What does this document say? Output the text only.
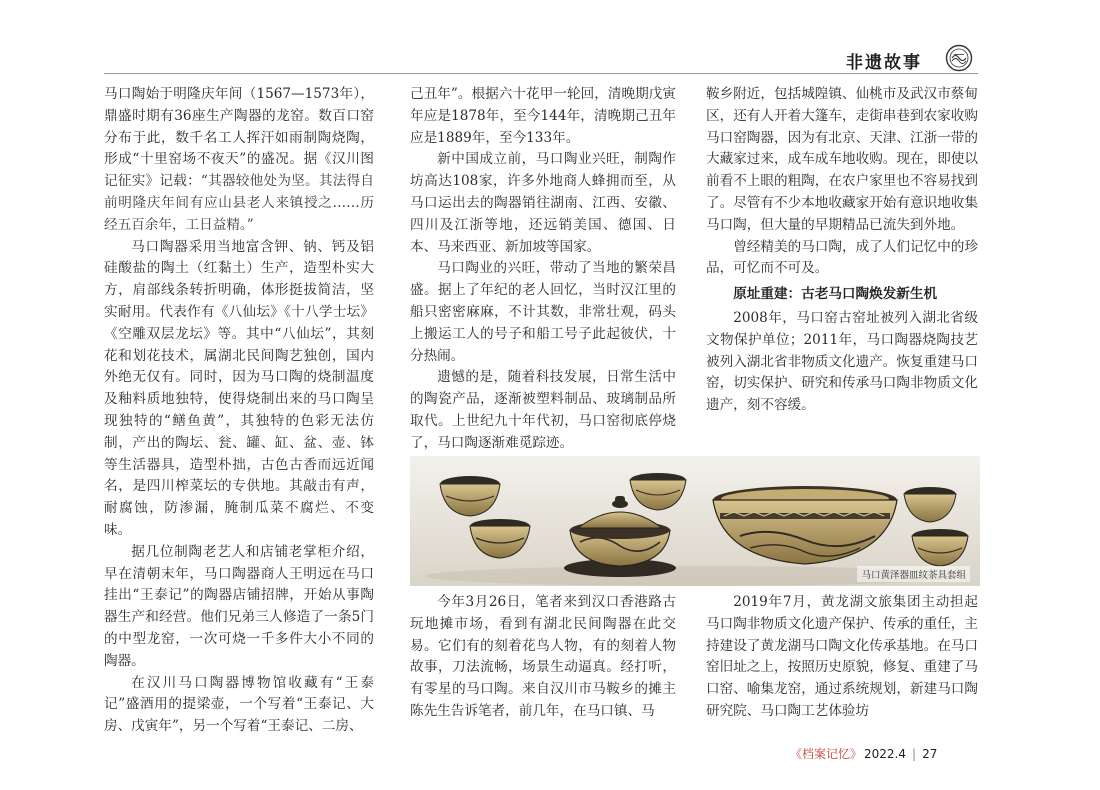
非遗故事

马口陶始于明隆庆年间（1567—1573年），鼎盛时期有36座生产陶器的龙窑。数百口窑分布于此，数千名工人挥汗如雨制陶烧陶，形成“十里窑场不夜天”的盛况。据《汉川图记征实》记载：“其器较他处为坚。其法得自前明隆庆年间有应山县老人来镇授之……历经五百余年，工日益精。”

马口陶器采用当地富含钾、钠、钙及铝硅酸盐的陶土（红黏土）生产，造型朴实大方，肩部线条转折明确，体形挺拔简洁，坚实耐用。代表作有《八仙坛》《十八学士坛》《空雕双层龙坛》等。其中“八仙坛”，其刻花和划花技术，属湖北民间陶艺独创，国内外绝无仅有。同时，因为马口陶的烧制温度及釉料质地独特，使得烧制出来的马口陶呈现独特的“鳝鱼黄”，其独特的色彩无法仿制，产出的陶坛、瓮、罐、缸、盆、壶、钵等生活器具，造型朴拙，古色古香而远近闻名，是四川榨菜坛的专供地。其敲击有声，耐腐蚀，防渗漏，腌制瓜菜不腐烂、不变味。

据几位制陶老艺人和店铺老掌柜介绍，早在清朝末年，马口陶器商人王明远在马口挂出“王泰记”的陶器店铺招牌，开始从事陶器生产和经营。他们兄弟三人修造了一条5门的中型龙窑，一次可烧一千多件大小不同的陶器。

在汉川马口陶器博物馆收藏有“王泰记”盛酒用的提梁壶，一个写着“王泰记、大房、戊寅年”，另一个写着“王泰记、二房、

己丑年”。根据六十花甲一轮回，清晚期戊寅年应是1878年，至今144年，清晚期己丑年应是1889年，至今133年。

新中国成立前，马口陶业兴旺，制陶作坊高达108家，许多外地商人蜂拥而至，从马口运出去的陶器销往湖南、江西、安徽、四川及江浙等地，还远销美国、德国、日本、马来西亚、新加坡等国家。

马口陶业的兴旺，带动了当地的繁荣昌盛。据上了年纪的老人回忆，当时汉江里的船只密密麻麻，不计其数，非常壮观，码头上搬运工人的号子和船工号子此起彼伏，十分热闹。

遗憾的是，随着科技发展，日常生活中的陶瓷产品，逐渐被塑料制品、玻璃制品所取代。上世纪九十年代初，马口窑彻底停烧了，马口陶逐渐难觅踪迹。

鞍乡附近，包括城隍镇、仙桃市及武汉市蔡甸区，还有人开着大篷车，走街串巷到农家收购马口窑陶器，因为有北京、天津、江浙一带的大藏家过来，成车成车地收购。现在，即使以前看不上眼的粗陶，在农户家里也不容易找到了。尽管有不少本地收藏家开始有意识地收集马口陶，但大量的早期精品已流失到外地。

曾经精美的马口陶，成了人们记忆中的珍品，可忆而不可及。

原址重建：古老马口陶焕发新生机

2008年，马口窑古窑址被列入湖北省级文物保护单位；2011年，马口陶器烧陶技艺被列入湖北省非物质文化遗产。恢复重建马口窑，切实保护、研究和传承马口陶非物质文化遗产，刻不容缓。

马口黄泽器皿纹茶具套组

今年3月26日，笔者来到汉口香港路古玩地摊市场，看到有湖北民间陶器在此交易。它们有的刻着花鸟人物，有的刻着人物故事，刀法流畅，场景生动逼真。经打听，有零星的马口陶。来自汉川市马鞍乡的摊主陈先生告诉笔者，前几年，在马口镇、马

2019年7月，黄龙湖文旅集团主动担起马口陶非物质文化遗产保护、传承的重任，主持建设了黄龙湖马口陶文化传承基地。在马口窑旧址之上，按照历史原貌，修复、重建了马口窑、喻集龙窑，通过系统规划，新建马口陶研究院、马口陶工艺体验坊

《档案记忆》 2022.4 | 27
